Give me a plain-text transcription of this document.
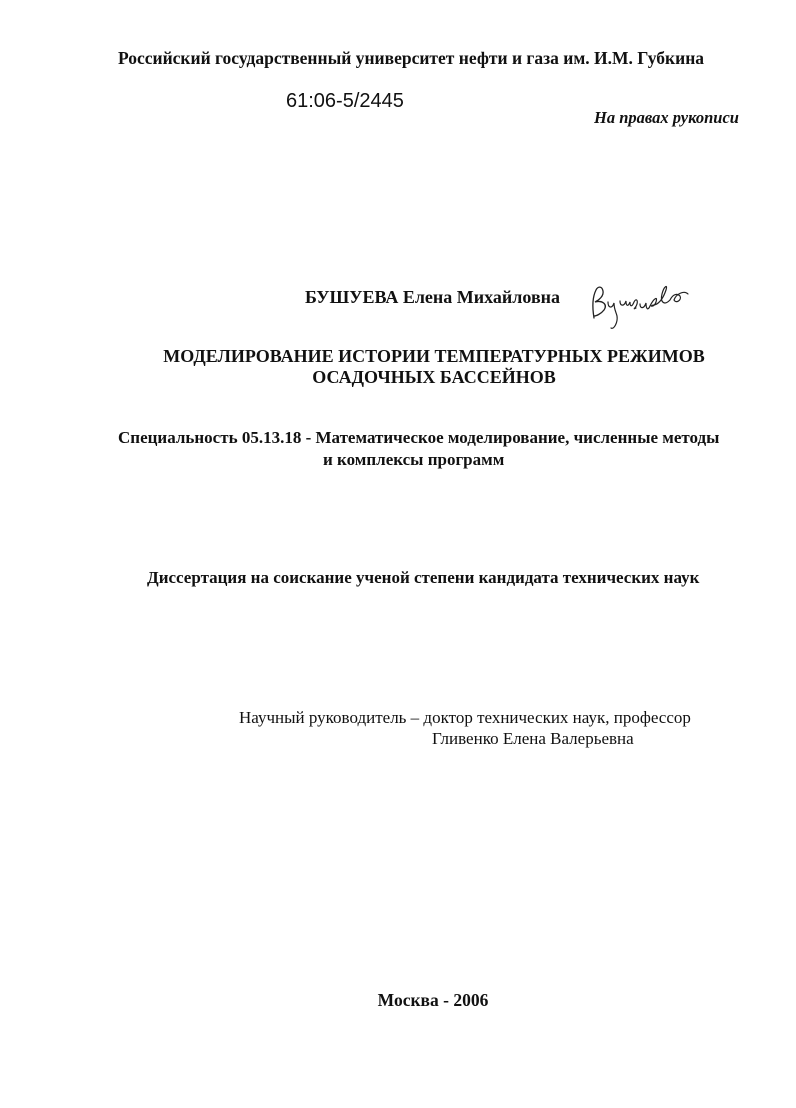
Российский государственный университет нефти и газа им. И.М. Губкина
61:06-5/2445
На правах рукописи
БУШУЕВА Елена Михайловна
Бушуева
МОДЕЛИРОВАНИЕ ИСТОРИИ ТЕМПЕРАТУРНЫХ РЕЖИМОВ
ОСАДОЧНЫХ БАССЕЙНОВ
Специальность 05.13.18 - Математическое моделирование, численные методы
и комплексы программ
Диссертация на соискание ученой степени кандидата технических наук
Научный руководитель – доктор технических наук, профессор
Гливенко Елена Валерьевна
Москва - 2006
